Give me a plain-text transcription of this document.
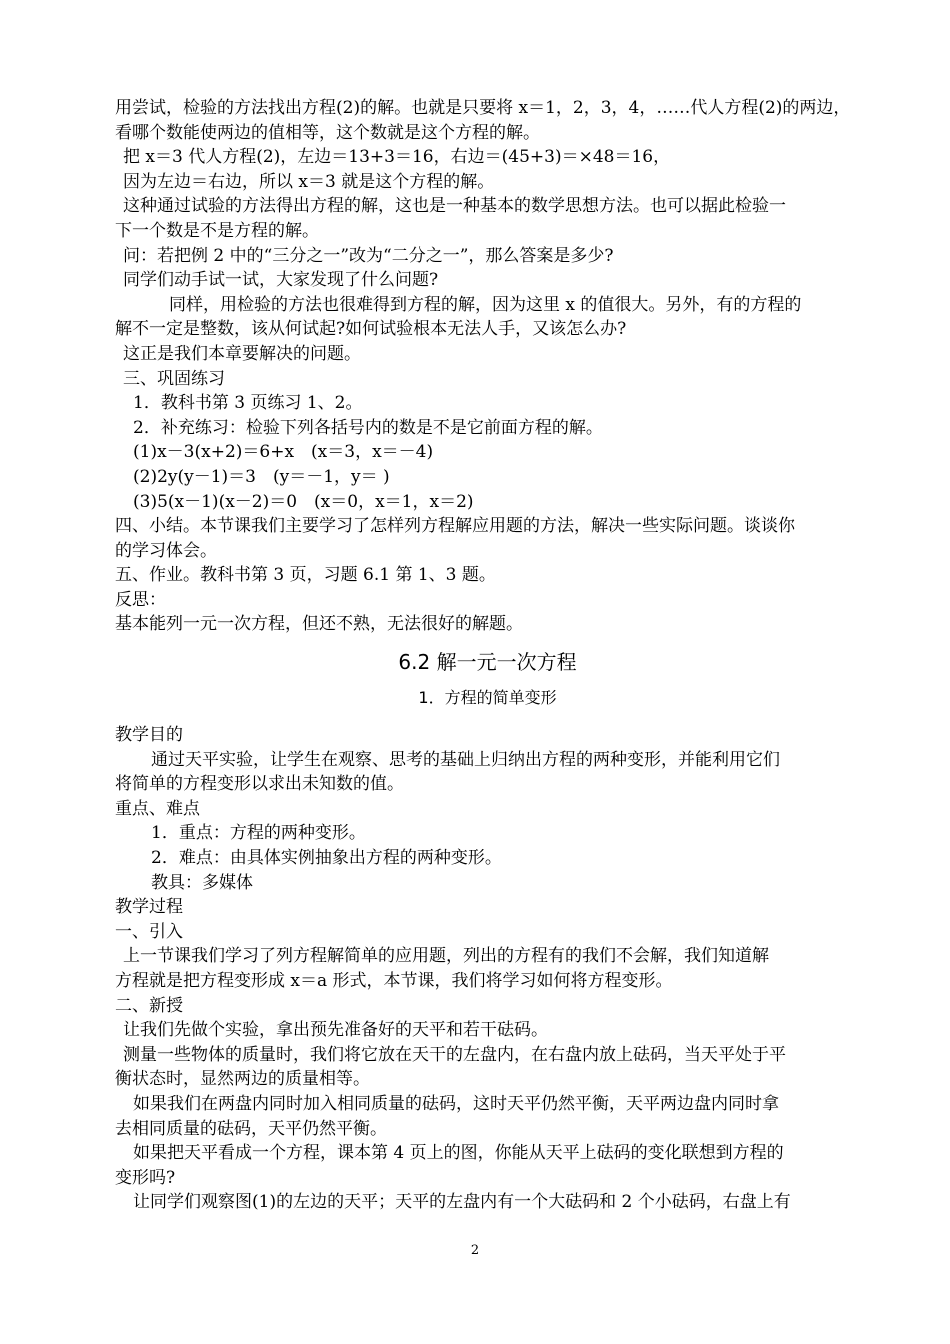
用尝试，检验的方法找出方程(2)的解。也就是只要将 x＝1，2，3，4，……代人方程(2)的两边，
看哪个数能使两边的值相等，这个数就是这个方程的解。
把 x＝3 代人方程(2)，左边＝13+3＝16，右边＝(45+3)＝×48＝16，
因为左边＝右边，所以 x＝3 就是这个方程的解。
这种通过试验的方法得出方程的解，这也是一种基本的数学思想方法。也可以据此检验一
下一个数是不是方程的解。
问：若把例 2 中的“三分之一”改为“二分之一”，那么答案是多少?
同学们动手试一试，大家发现了什么问题?
同样，用检验的方法也很难得到方程的解，因为这里 x 的值很大。另外，有的方程的
解不一定是整数，该从何试起?如何试验根本无法人手，又该怎么办?
这正是我们本章要解决的问题。
三、巩固练习
1．教科书第 3 页练习 1、2。
2．补充练习：检验下列各括号内的数是不是它前面方程的解。
(1)x－3(x+2)＝6+x　(x＝3，x＝－4)
(2)2y(y－1)＝3　(y＝－1，y＝ )
(3)5(x－1)(x－2)＝0　(x＝0，x＝1，x＝2)
四、小结。本节课我们主要学习了怎样列方程解应用题的方法，解决一些实际问题。谈谈你
的学习体会。
五、作业。教科书第 3 页，习题 6.1 第 1、3 题。
反思：
基本能列一元一次方程，但还不熟，无法很好的解题。
6.2 解一元一次方程
1．方程的简单变形
教学目的
通过天平实验，让学生在观察、思考的基础上归纳出方程的两种变形，并能利用它们
将简单的方程变形以求出未知数的值。
重点、难点
1．重点：方程的两种变形。
2．难点：由具体实例抽象出方程的两种变形。
教具：多媒体
教学过程
一、引入
上一节课我们学习了列方程解简单的应用题，列出的方程有的我们不会解，我们知道解
方程就是把方程变形成 x＝a 形式，本节课，我们将学习如何将方程变形。
二、新授
让我们先做个实验，拿出预先准备好的天平和若干砝码。
测量一些物体的质量时，我们将它放在天干的左盘内，在右盘内放上砝码，当天平处于平
衡状态时，显然两边的质量相等。
如果我们在两盘内同时加入相同质量的砝码，这时天平仍然平衡，天平两边盘内同时拿
去相同质量的砝码，天平仍然平衡。
如果把天平看成一个方程，课本第 4 页上的图，你能从天平上砝码的变化联想到方程的
变形吗?
让同学们观察图(1)的左边的天平；天平的左盘内有一个大砝码和 2 个小砝码，右盘上有
2
